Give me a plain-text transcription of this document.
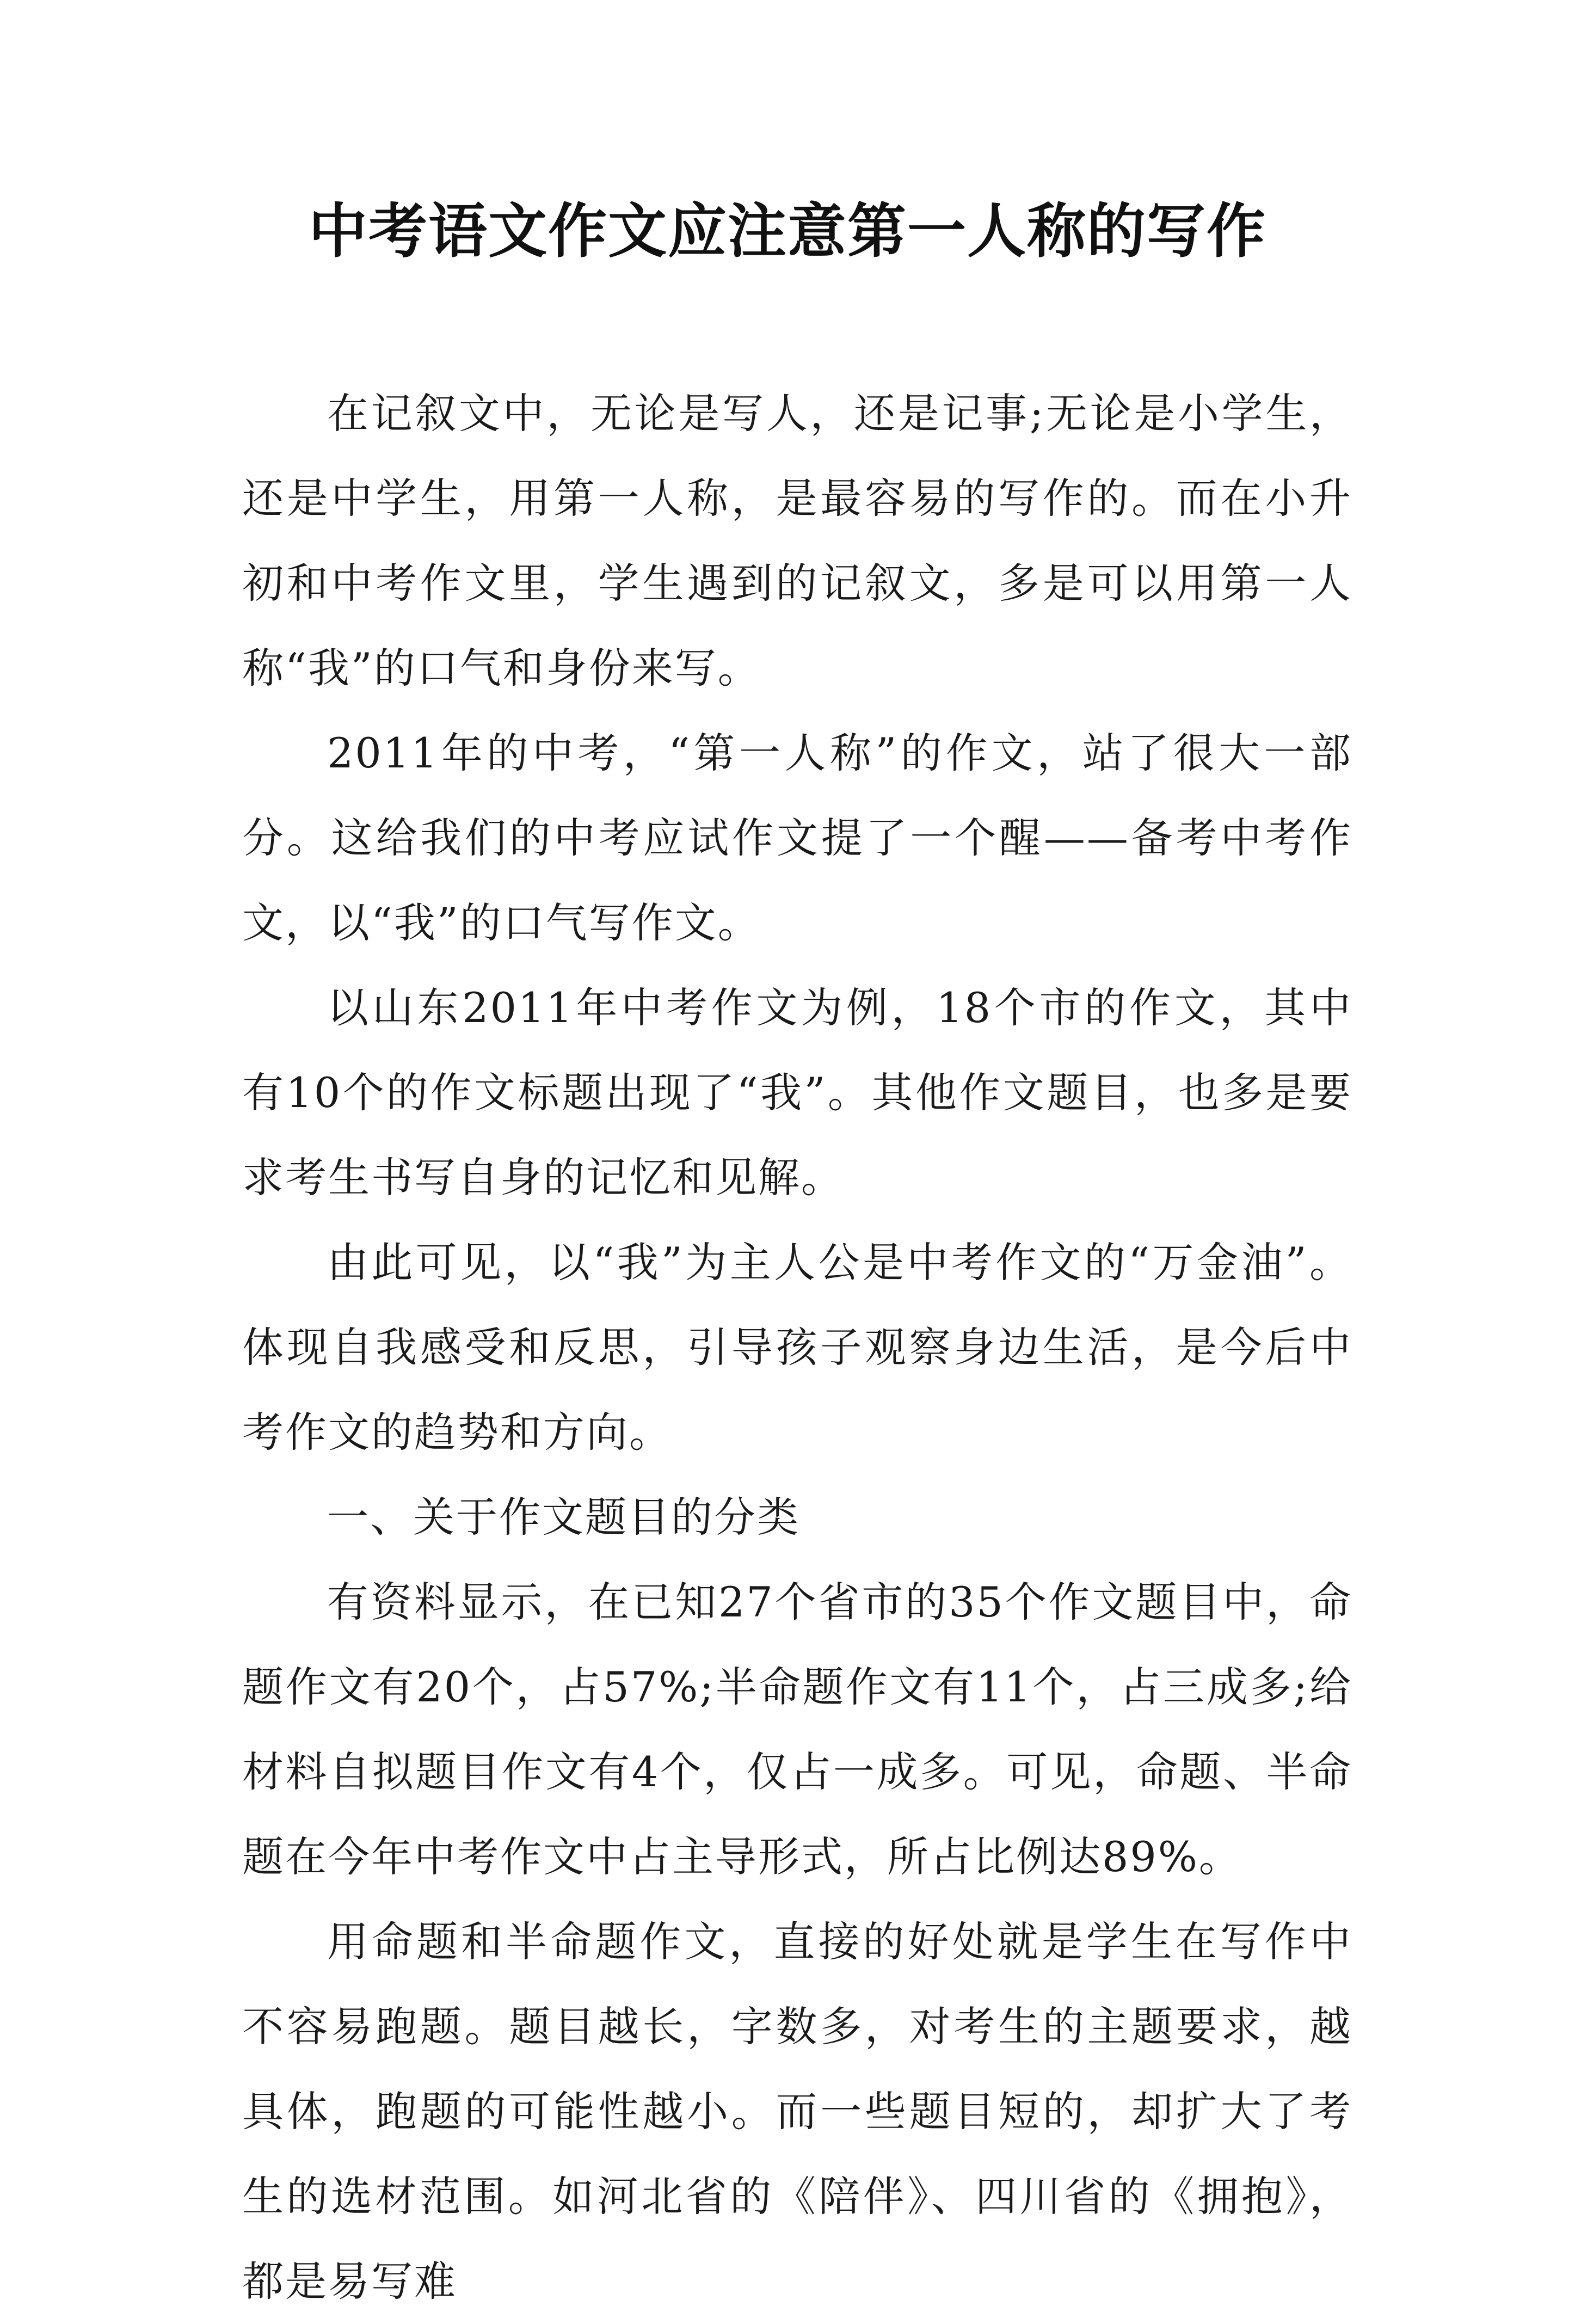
中考语文作文应注意第一人称的写作

在记叙文中，无论是写人，还是记事;无论是小学生，还是中学生，用第一人称，是最容易的写作的。而在小升初和中考作文里，学生遇到的记叙文，多是可以用第一人称“我”的口气和身份来写。

2011年的中考，“第一人称”的作文，站了很大一部分。这给我们的中考应试作文提了一个醒——备考中考作文，以“我”的口气写作文。

以山东2011年中考作文为例，18个市的作文，其中有10个的作文标题出现了“我”。其他作文题目，也多是要求考生书写自身的记忆和见解。

由此可见，以“我”为主人公是中考作文的“万金油”。体现自我感受和反思，引导孩子观察身边生活，是今后中考作文的趋势和方向。

一、关于作文题目的分类

有资料显示，在已知27个省市的35个作文题目中，命题作文有20个，占57%;半命题作文有11个，占三成多;给材料自拟题目作文有4个，仅占一成多。可见，命题、半命题在今年中考作文中占主导形式，所占比例达89%。

用命题和半命题作文，直接的好处就是学生在写作中不容易跑题。题目越长，字数多，对考生的主题要求，越具体，跑题的可能性越小。而一些题目短的，却扩大了考生的选材范围。如河北省的《陪伴》、四川省的《拥抱》，都是易写难
